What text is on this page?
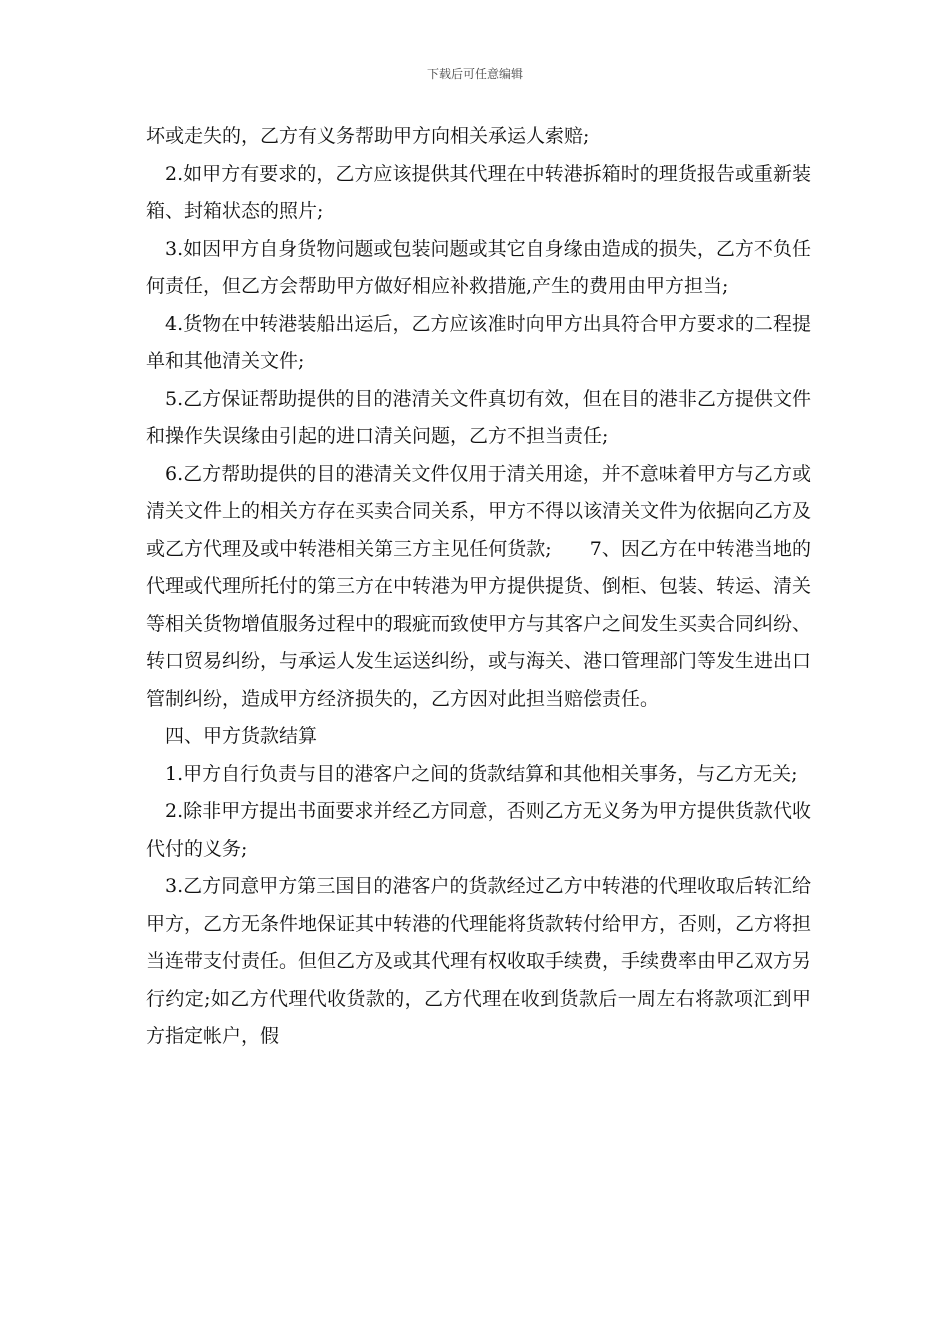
下载后可任意编辑

坏或走失的，乙方有义务帮助甲方向相关承运人索赔;

2.如甲方有要求的，乙方应该提供其代理在中转港拆箱时的理货报告或重新装箱、封箱状态的照片;

3.如因甲方自身货物问题或包装问题或其它自身缘由造成的损失，乙方不负任何责任，但乙方会帮助甲方做好相应补救措施,产生的费用由甲方担当;

4.货物在中转港装船出运后，乙方应该准时向甲方出具符合甲方要求的二程提单和其他清关文件;

5.乙方保证帮助提供的目的港清关文件真切有效，但在目的港非乙方提供文件和操作失误缘由引起的进口清关问题，乙方不担当责任;

6.乙方帮助提供的目的港清关文件仅用于清关用途，并不意味着甲方与乙方或清关文件上的相关方存在买卖合同关系，甲方不得以该清关文件为依据向乙方及或乙方代理及或中转港相关第三方主见任何货款;　　7、因乙方在中转港当地的代理或代理所托付的第三方在中转港为甲方提供提货、倒柜、包装、转运、清关等相关货物增值服务过程中的瑕疵而致使甲方与其客户之间发生买卖合同纠纷、转口贸易纠纷，与承运人发生运送纠纷，或与海关、港口管理部门等发生进出口管制纠纷，造成甲方经济损失的，乙方因对此担当赔偿责任。

四、甲方货款结算

1.甲方自行负责与目的港客户之间的货款结算和其他相关事务，与乙方无关;

2.除非甲方提出书面要求并经乙方同意，否则乙方无义务为甲方提供货款代收代付的义务;

3.乙方同意甲方第三国目的港客户的货款经过乙方中转港的代理收取后转汇给甲方，乙方无条件地保证其中转港的代理能将货款转付给甲方，否则，乙方将担当连带支付责任。但但乙方及或其代理有权收取手续费，手续费率由甲乙双方另行约定;如乙方代理代收货款的，乙方代理在收到货款后一周左右将款项汇到甲方指定帐户，假
